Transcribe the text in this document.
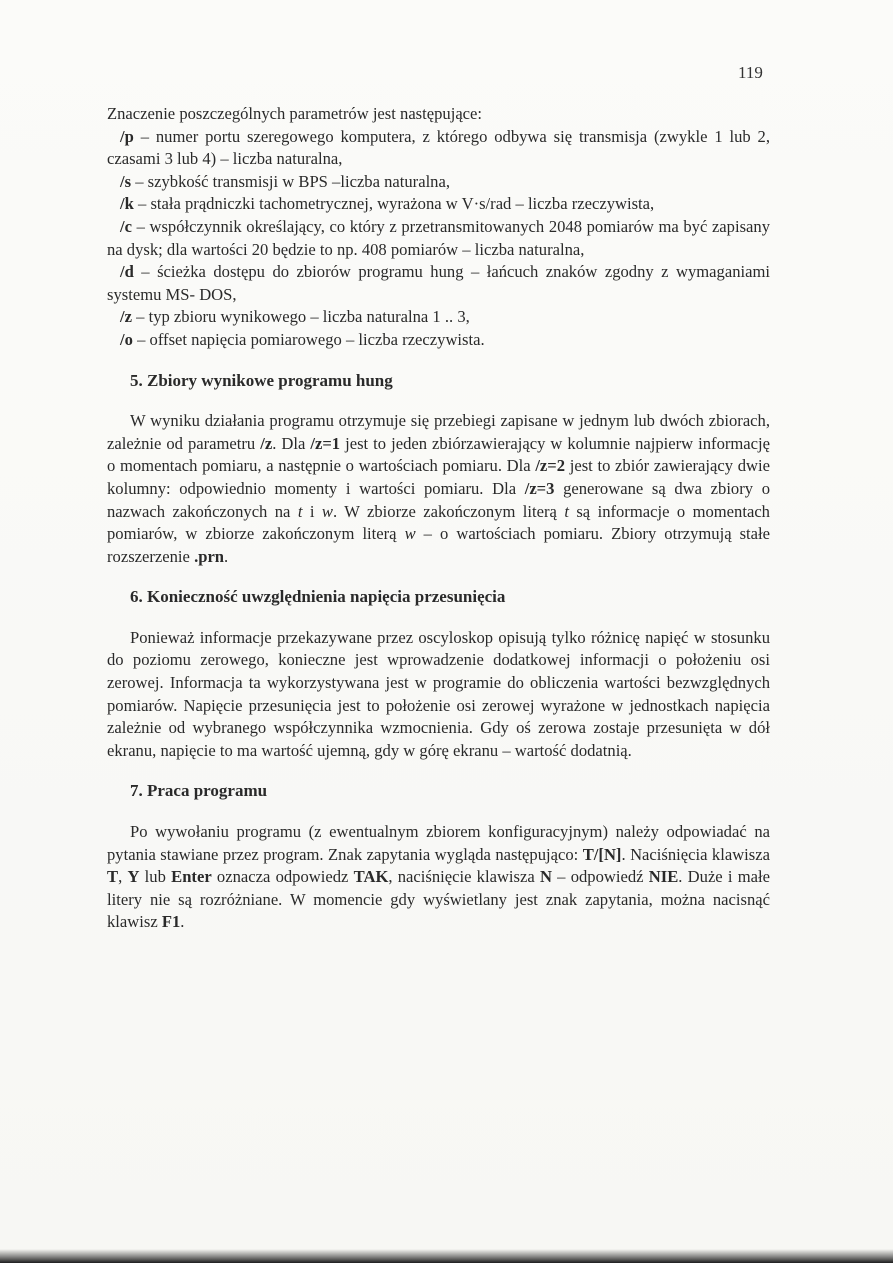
119

Znaczenie poszczególnych parametrów jest następujące:

/p – numer portu szeregowego komputera, z którego odbywa się transmisja (zwykle 1 lub 2, czasami 3 lub 4) – liczba naturalna,

/s – szybkość transmisji w BPS –liczba naturalna,

/k – stała prądniczki tachometrycznej, wyrażona w V·s/rad – liczba rzeczywista,

/c – współczynnik określający, co który z przetransmitowanych 2048 pomiarów ma być zapisany na dysk; dla wartości 20 będzie to np. 408 pomiarów – liczba naturalna,

/d – ścieżka dostępu do zbiorów programu hung – łańcuch znaków zgodny z wymaganiami systemu MS- DOS,

/z – typ zbioru wynikowego – liczba naturalna 1 .. 3,

/o – offset napięcia pomiarowego – liczba rzeczywista.

5. Zbiory wynikowe programu hung

W wyniku działania programu otrzymuje się przebiegi zapisane w jednym lub dwóch zbiorach, zależnie od parametru /z. Dla /z=1 jest to jeden zbiórzawierający w kolumnie najpierw informację o momentach pomiaru, a następnie o wartościach pomiaru. Dla /z=2 jest to zbiór zawierający dwie kolumny: odpowiednio momenty i wartości pomiaru. Dla /z=3 generowane są dwa zbiory o nazwach zakończonych na t i w. W zbiorze zakończonym literą t są informacje o momentach pomiarów, w zbiorze zakończonym literą w – o wartościach pomiaru. Zbiory otrzymują stałe rozszerzenie .prn.

6. Konieczność uwzględnienia napięcia przesunięcia

Ponieważ informacje przekazywane przez oscyloskop opisują tylko różnicę napięć w stosunku do poziomu zerowego, konieczne jest wprowadzenie dodatkowej informacji o położeniu osi zerowej. Informacja ta wykorzystywana jest w programie do obliczenia wartości bezwzględnych pomiarów. Napięcie przesunięcia jest to położenie osi zerowej wyrażone w jednostkach napięcia zależnie od wybranego współczynnika wzmocnienia. Gdy oś zerowa zostaje przesunięta w dół ekranu, napięcie to ma wartość ujemną, gdy w górę ekranu – wartość dodatnią.

7. Praca programu

Po wywołaniu programu (z ewentualnym zbiorem konfiguracyjnym) należy odpowiadać na pytania stawiane przez program. Znak zapytania wygląda następująco: T/[N]. Naciśnięcia klawisza T, Y lub Enter oznacza odpowiedz TAK, naciśnięcie klawisza N – odpowiedź NIE. Duże i małe litery nie są rozróżniane. W momencie gdy wyświetlany jest znak zapytania, można nacisnąć klawisz F1.
